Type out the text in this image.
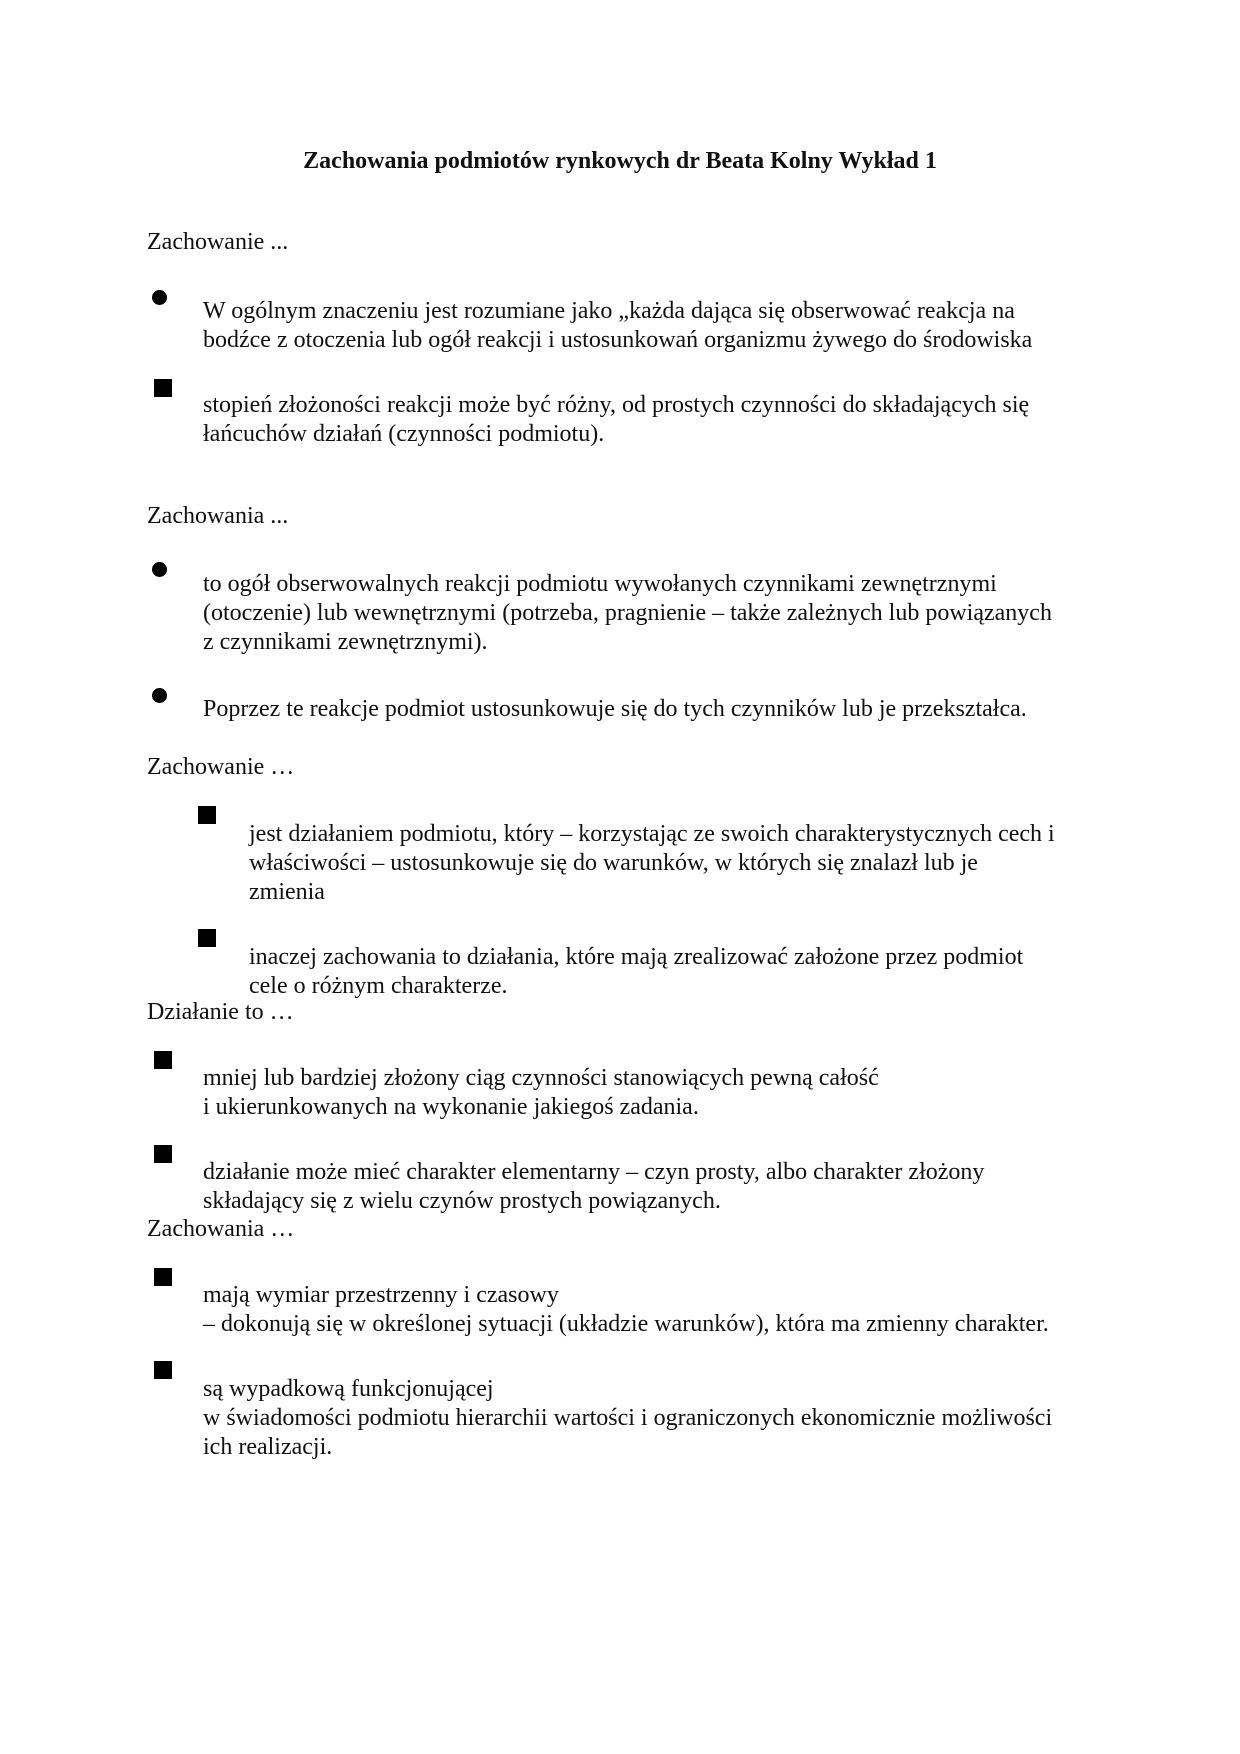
Zachowania podmiotów rynkowych dr Beata Kolny Wykład 1
Zachowanie ...
W ogólnym znaczeniu jest rozumiane jako „każda dająca się obserwować reakcja na
bodźce z otoczenia lub ogół reakcji i ustosunkowań organizmu żywego do środowiska
stopień złożoności reakcji może być różny, od prostych czynności do składających się
łańcuchów działań (czynności podmiotu).
Zachowania ...
to ogół obserwowalnych reakcji podmiotu wywołanych czynnikami zewnętrznymi
(otoczenie) lub wewnętrznymi (potrzeba, pragnienie – także zależnych lub powiązanych
z czynnikami zewnętrznymi).
Poprzez te reakcje podmiot ustosunkowuje się do tych czynników lub je przekształca.
Zachowanie …
jest działaniem podmiotu, który – korzystając ze swoich charakterystycznych cech i
właściwości – ustosunkowuje się do warunków, w których się znalazł lub je
zmienia
inaczej zachowania to działania, które mają zrealizować założone przez podmiot
cele o różnym charakterze.
Działanie to …
mniej lub bardziej złożony ciąg czynności stanowiących pewną całość
i ukierunkowanych na wykonanie jakiegoś zadania.
działanie może mieć charakter elementarny – czyn prosty, albo charakter złożony
składający się z wielu czynów prostych powiązanych.
Zachowania …
mają wymiar przestrzenny i czasowy
– dokonują się w określonej sytuacji (układzie warunków), która ma zmienny charakter.
są wypadkową funkcjonującej
w świadomości podmiotu hierarchii wartości i ograniczonych ekonomicznie możliwości
ich realizacji.
